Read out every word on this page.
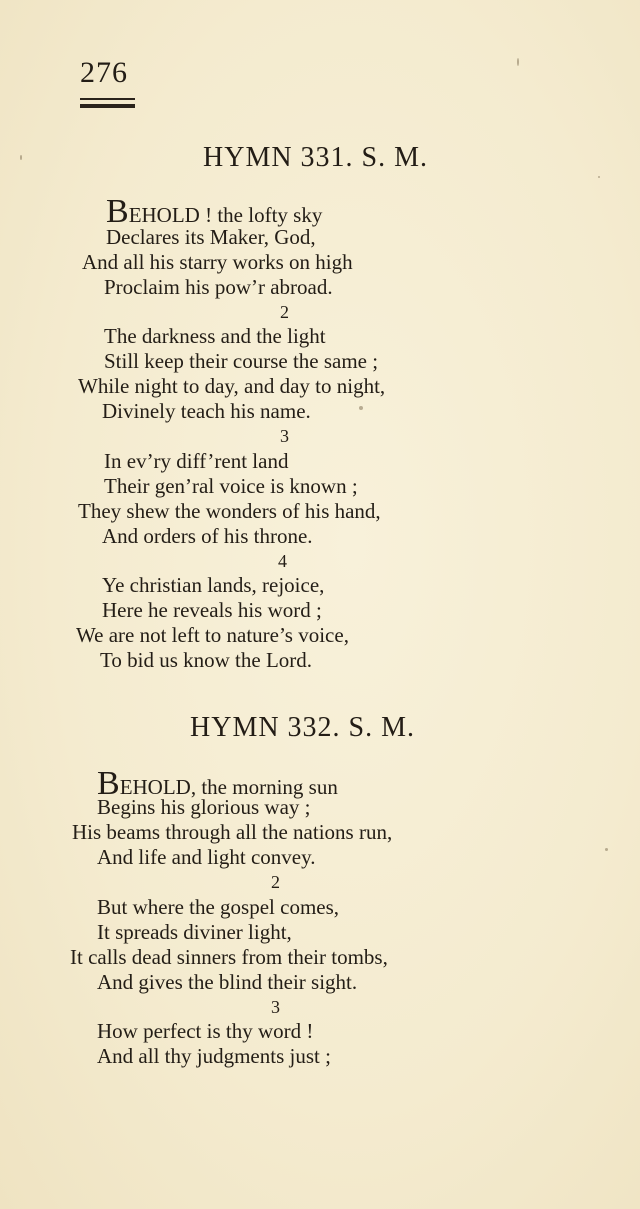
276
HYMN 331. S. M.
BEHOLD ! the lofty sky
Declares its Maker, God,
And all his starry works on high
Proclaim his pow’r abroad.
2
The darkness and the light
Still keep their course the same ;
While night to day, and day to night,
Divinely teach his name.
3
In ev’ry diff’rent land
Their gen’ral voice is known ;
They shew the wonders of his hand,
And orders of his throne.
4
Ye christian lands, rejoice,
Here he reveals his word ;
We are not left to nature’s voice,
To bid us know the Lord.
HYMN 332. S. M.
BEHOLD, the morning sun
Begins his glorious way ;
His beams through all the nations run,
And life and light convey.
2
But where the gospel comes,
It spreads diviner light,
It calls dead sinners from their tombs,
And gives the blind their sight.
3
How perfect is thy word !
And all thy judgments just ;
